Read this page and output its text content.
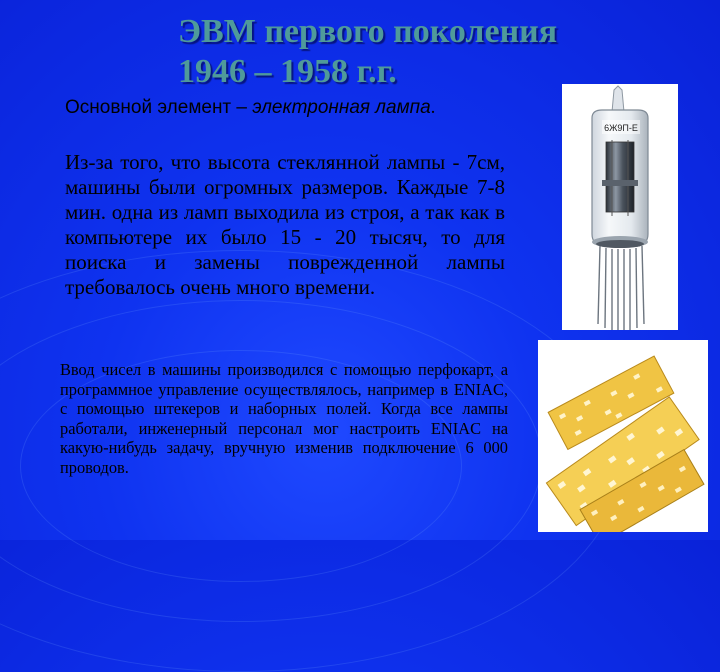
ЭВМ первого поколения
1946 – 1958 г.г.
Основной элемент – электронная лампа.
Из-за того, что высота стеклянной лампы - 7см, машины были огромных размеров. Каждые 7-8 мин. одна из ламп выходила из строя, а так как в компьютере их было 15 - 20 тысяч, то для поиска и замены поврежденной лампы требовалось очень много времени.
Ввод чисел в машины производился с помощью перфокарт, а программное управление осуществлялось, например в ENIAC, с помощью штекеров и наборных полей. Когда все лампы работали, инженерный персонал мог настроить ENIAC на какую-нибудь задачу, вручную изменив подключение 6 000 проводов.
6Ж9П-Е
